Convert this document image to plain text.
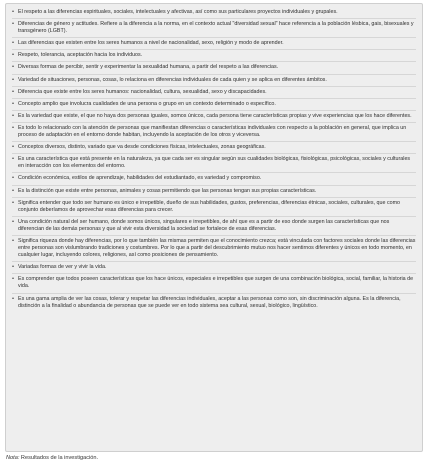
• El respeto a las diferencias espirituales, sociales, intelectuales y afectivas, así como sus particulares proyectos individuales y grupales.
• Diferencias de género y actitudes. Refiere a la diferencia a la norma, en el contexto actual "diversidad sexual" hace referencia a la población lésbica, gais, bisexuales y transgénero (LGBT).
• Las diferencias que existen entre los seres humanos a nivel de nacionalidad, sexo, religión y modo de aprender.
• Respeto, tolerancia, aceptación hacia los individuos.
• Diversas formas de percibir, sentir y experimentar la sexualidad humana, a partir del respeto a las diferencias.
• Variedad de situaciones, personas, cosas, lo relaciona en diferencias individuales de cada quien y se aplica en diferentes ámbitos.
• Diferencia que existe entre los seres humanos: nacionalidad, cultura, sexualidad, sexo y discapacidades.
• Concepto amplio que involucra cualidades de una persona o grupo en un contexto determinado o específico.
• Es la variedad que existe, el que no haya dos personas iguales, somos únicos, cada persona tiene características propias y vive experiencias que los hace diferentes.
• Es todo lo relacionado con la atención de personas que manifiestan diferencias o características individuales con respecto a la población en general, que implica un proceso de adaptación en el entorno donde habitan, incluyendo la aceptación de los otros y viceversa.
• Conceptos diversos, distinto, variado que va desde condiciones físicas, intelectuales, zonas geográficas.
• Es una característica que está presente en la naturaleza, ya que cada ser es singular según sus cualidades biológicas, fisiológicas, psicológicas, sociales y culturales en interacción con los elementos del entorno.
• Condición económica, estilos de aprendizaje, habilidades del estudiantado, es variedad y compromiso.
• Es la distinción que existe entre personas, animales y cosas permitiendo que las personas tengan sus propias características.
• Significa entender que todo ser humano es único e irrepetible, dueño de sus habilidades, gustos, preferencias, diferencias étnicas, sociales, culturales, que como conjunto deberíamos de aprovechar esas diferencias para crecer.
• Una condición natural del ser humano, donde somos únicos, singulares e irrepetibles, de ahí que es a partir de eso donde surgen las características que nos diferencian de las demás personas y que al vivir esta diversidad la sociedad se fortalece de esas diferencias.
• Significa riqueza donde hay diferencias, por lo que también las mismas permiten que el conocimiento crezca; está vinculada con factores sociales donde las diferencias entre personas son vislumbrando tradiciones y costumbres. Por lo que a partir del descubrimiento mutuo nos hacer sentirnos diferentes y únicos en todo momento, en cualquier lugar, incluyendo colores, religiones, así como posiciones de pensamiento.
• Variadas formas de ver y vivir la vida.
• Es comprender que todos poseen características que los hace únicos, especiales e irrepetibles que surgen de una combinación biológica, social, familiar, la historia de vida.
• Es una gama amplia de ver las cosas, tolerar y respetar las diferencias individuales, aceptar a las personas como son, sin discriminación alguna. Es la diferencia, distinción a la finalidad o abundancia de personas que se puede ver en todo sistema sea cultural, sexual, biológico, lingüístico.
Nota: Resultados de la investigación.
